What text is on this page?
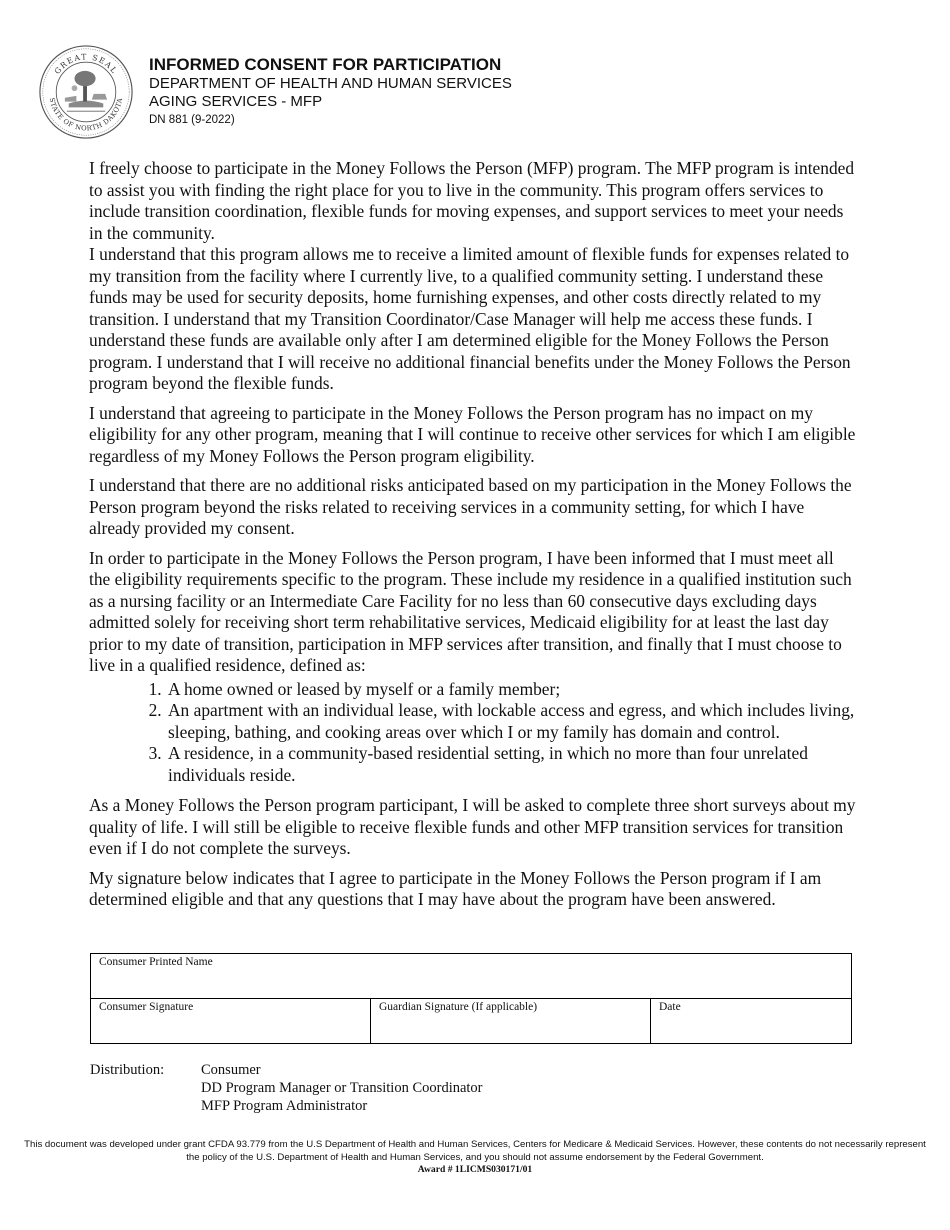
GREAT SEAL
STATE OF NORTH DAKOTA
INFORMED CONSENT FOR PARTICIPATION
DEPARTMENT OF HEALTH AND HUMAN SERVICES
AGING SERVICES - MFP
DN 881 (9-2022)

I freely choose to participate in the Money Follows the Person (MFP) program. The MFP program is intended to assist you with finding the right place for you to live in the community. This program offers services to include transition coordination, flexible funds for moving expenses, and support services to meet your needs in the community.

I understand that this program allows me to receive a limited amount of flexible funds for expenses related to my transition from the facility where I currently live, to a qualified community setting. I understand these funds may be used for security deposits, home furnishing expenses, and other costs directly related to my transition. I understand that my Transition Coordinator/Case Manager will help me access these funds. I understand these funds are available only after I am determined eligible for the Money Follows the Person program. I understand that I will receive no additional financial benefits under the Money Follows the Person program beyond the flexible funds.

I understand that agreeing to participate in the Money Follows the Person program has no impact on my eligibility for any other program, meaning that I will continue to receive other services for which I am eligible regardless of my Money Follows the Person program eligibility.

I understand that there are no additional risks anticipated based on my participation in the Money Follows the Person program beyond the risks related to receiving services in a community setting, for which I have already provided my consent.

In order to participate in the Money Follows the Person program, I have been informed that I must meet all the eligibility requirements specific to the program. These include my residence in a qualified institution such as a nursing facility or an Intermediate Care Facility for no less than 60 consecutive days excluding days admitted solely for receiving short term rehabilitative services, Medicaid eligibility for at least the last day prior to my date of transition, participation in MFP services after transition, and finally that I must choose to live in a qualified residence, defined as:

1. A home owned or leased by myself or a family member;
2. An apartment with an individual lease, with lockable access and egress, and which includes living, sleeping, bathing, and cooking areas over which I or my family has domain and control.
3. A residence, in a community-based residential setting, in which no more than four unrelated individuals reside.

As a Money Follows the Person program participant, I will be asked to complete three short surveys about my quality of life. I will still be eligible to receive flexible funds and other MFP transition services for transition even if I do not complete the surveys.

My signature below indicates that I agree to participate in the Money Follows the Person program if I am determined eligible and that any questions that I may have about the program have been answered.

Consumer Printed Name
Consumer Signature	Guardian Signature (If applicable)	Date
Distribution:	Consumer
DD Program Manager or Transition Coordinator
MFP Program Administrator
This document was developed under grant CFDA 93.779 from the U.S Department of Health and Human Services, Centers for Medicare & Medicaid Services. However, these contents do not necessarily represent the policy of the U.S. Department of Health and Human Services, and you should not assume endorsement by the Federal Government.
Award # 1LICMS030171/01
